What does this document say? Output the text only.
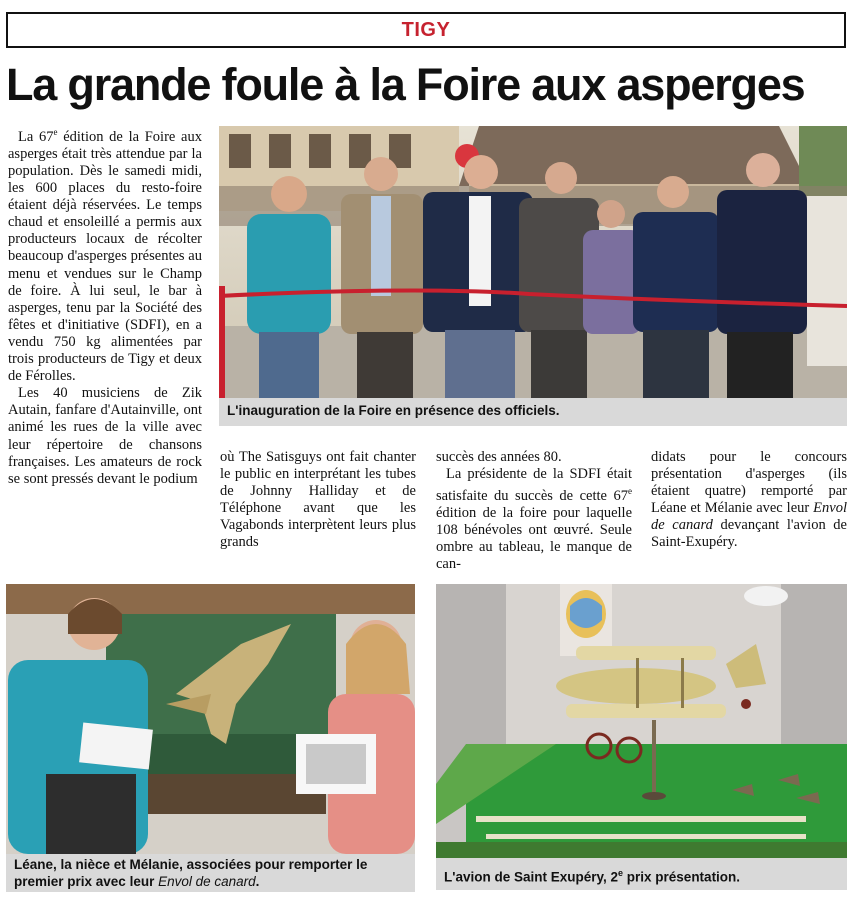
TIGY
La grande foule à la Foire aux asperges

La 67e édition de la Foire aux asperges était très attendue par la population. Dès le samedi midi, les 600 places du resto-foire étaient déjà réservées. Le temps chaud et ensoleillé a permis aux producteurs locaux de récolter beaucoup d'asperges présentes au menu et vendues sur le Champ de foire. À lui seul, le bar à asperges, tenu par la Société des fêtes et d'initiative (SDFI), en a vendu 750 kg alimentées par trois producteurs de Tigy et deux de Férolles.

Les 40 musiciens de Zik Autain, fanfare d'Autainville, ont animé les rues de la ville avec leur répertoire de chansons françaises. Les amateurs de rock se sont pressés devant le podium

L'inauguration de la Foire en présence des officiels.

où The Satisguys ont fait chanter le public en interprétant les tubes de Johnny Halliday et de Téléphone avant que les Vagabonds interprètent leurs plus grands

succès des années 80.

La présidente de la SDFI était satisfaite du succès de cette 67e édition de la foire pour laquelle 108 bénévoles ont œuvré. Seule ombre au tableau, le manque de can-

didats pour le concours présentation d'asperges (ils étaient quatre) remporté par Léane et Mélanie avec leur Envol de canard devançant l'avion de Saint-Exupéry.

Léane, la nièce et Mélanie, associées pour remporter le premier prix avec leur Envol de canard.	L'avion de Saint Exupéry, 2e prix présentation.
